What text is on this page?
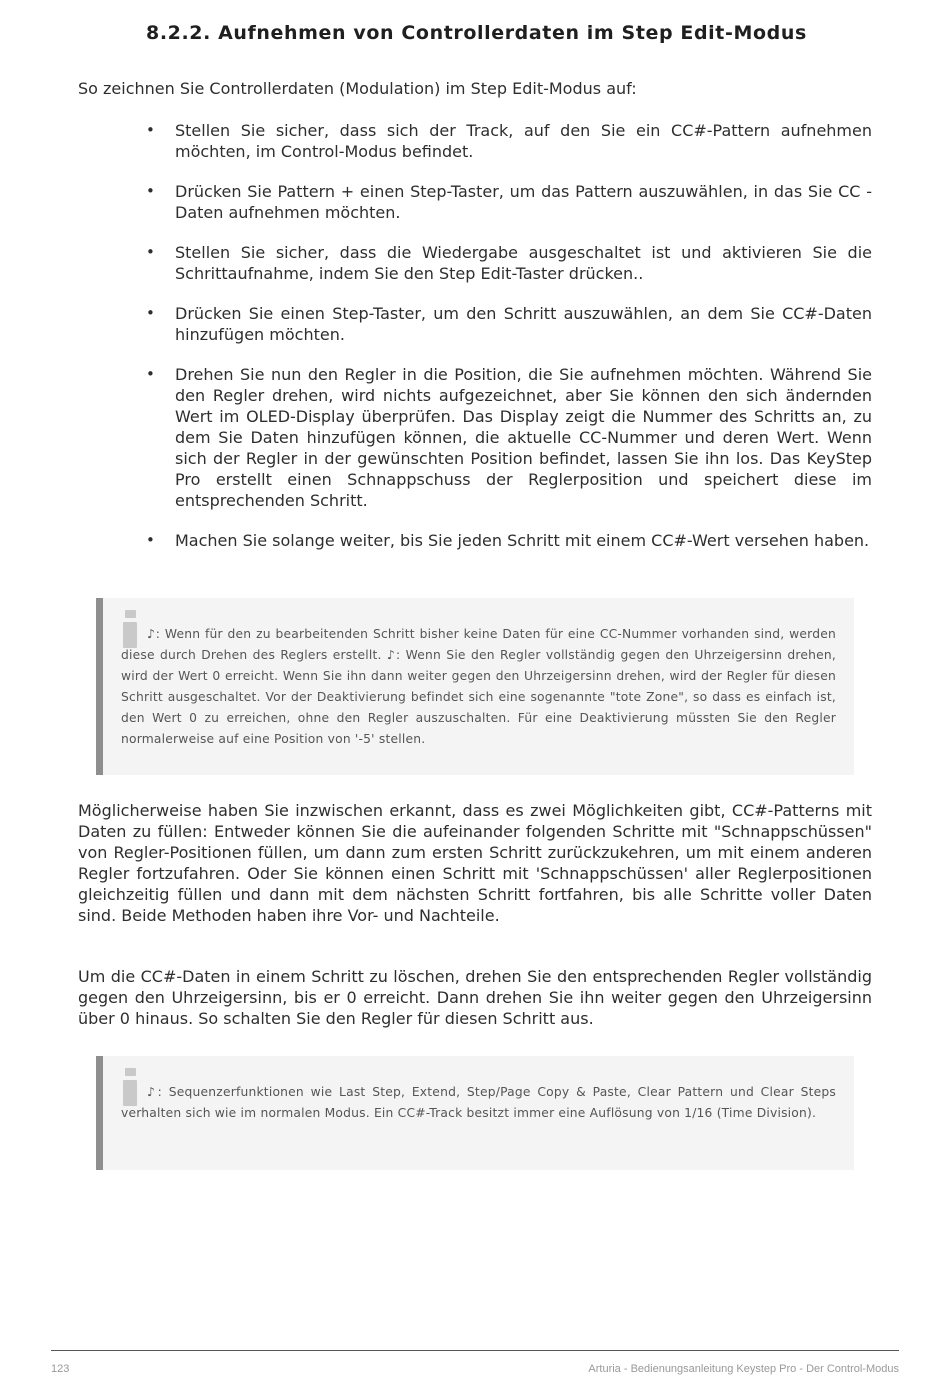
8.2.2. Aufnehmen von Controllerdaten im Step Edit-Modus

So zeichnen Sie Controllerdaten (Modulation) im Step Edit-Modus auf:

• Stellen Sie sicher, dass sich der Track, auf den Sie ein CC#-Pattern aufnehmen möchten, im Control-Modus befindet.
• Drücken Sie Pattern + einen Step-Taster, um das Pattern auszuwählen, in das Sie CC -Daten aufnehmen möchten.
• Stellen Sie sicher, dass die Wiedergabe ausgeschaltet ist und aktivieren Sie die Schrittaufnahme, indem Sie den Step Edit-Taster drücken..
• Drücken Sie einen Step-Taster, um den Schritt auszuwählen, an dem Sie CC#-Daten hinzufügen möchten.
• Drehen Sie nun den Regler in die Position, die Sie aufnehmen möchten. Während Sie den Regler drehen, wird nichts aufgezeichnet, aber Sie können den sich ändernden Wert im OLED-Display überprüfen. Das Display zeigt die Nummer des Schritts an, zu dem Sie Daten hinzufügen können, die aktuelle CC-Nummer und deren Wert. Wenn sich der Regler in der gewünschten Position befindet, lassen Sie ihn los. Das KeyStep Pro erstellt einen Schnappschuss der Reglerposition und speichert diese im entsprechenden Schritt.
• Machen Sie solange weiter, bis Sie jeden Schritt mit einem CC#-Wert versehen haben.

♪: Wenn für den zu bearbeitenden Schritt bisher keine Daten für eine CC-Nummer vorhanden sind, werden diese durch Drehen des Reglers erstellt. ♪: Wenn Sie den Regler vollständig gegen den Uhrzeigersinn drehen, wird der Wert 0 erreicht. Wenn Sie ihn dann weiter gegen den Uhrzeigersinn drehen, wird der Regler für diesen Schritt ausgeschaltet. Vor der Deaktivierung befindet sich eine sogenannte "tote Zone", so dass es einfach ist, den Wert 0 zu erreichen, ohne den Regler auszuschalten. Für eine Deaktivierung müssten Sie den Regler normalerweise auf eine Position von '-5' stellen.

Möglicherweise haben Sie inzwischen erkannt, dass es zwei Möglichkeiten gibt, CC#-Patterns mit Daten zu füllen: Entweder können Sie die aufeinander folgenden Schritte mit "Schnappschüssen" von Regler-Positionen füllen, um dann zum ersten Schritt zurückzukehren, um mit einem anderen Regler fortzufahren. Oder Sie können einen Schritt mit 'Schnappschüssen' aller Reglerpositionen gleichzeitig füllen und dann mit dem nächsten Schritt fortfahren, bis alle Schritte voller Daten sind. Beide Methoden haben ihre Vor- und Nachteile.

Um die CC#-Daten in einem Schritt zu löschen, drehen Sie den entsprechenden Regler vollständig gegen den Uhrzeigersinn, bis er 0 erreicht. Dann drehen Sie ihn weiter gegen den Uhrzeigersinn über 0 hinaus. So schalten Sie den Regler für diesen Schritt aus.

♪: Sequenzerfunktionen wie Last Step, Extend, Step/Page Copy & Paste, Clear Pattern und Clear Steps verhalten sich wie im normalen Modus. Ein CC#-Track besitzt immer eine Auflösung von 1/16 (Time Division).

123	Arturia - Bedienungsanleitung Keystep Pro - Der Control-Modus
